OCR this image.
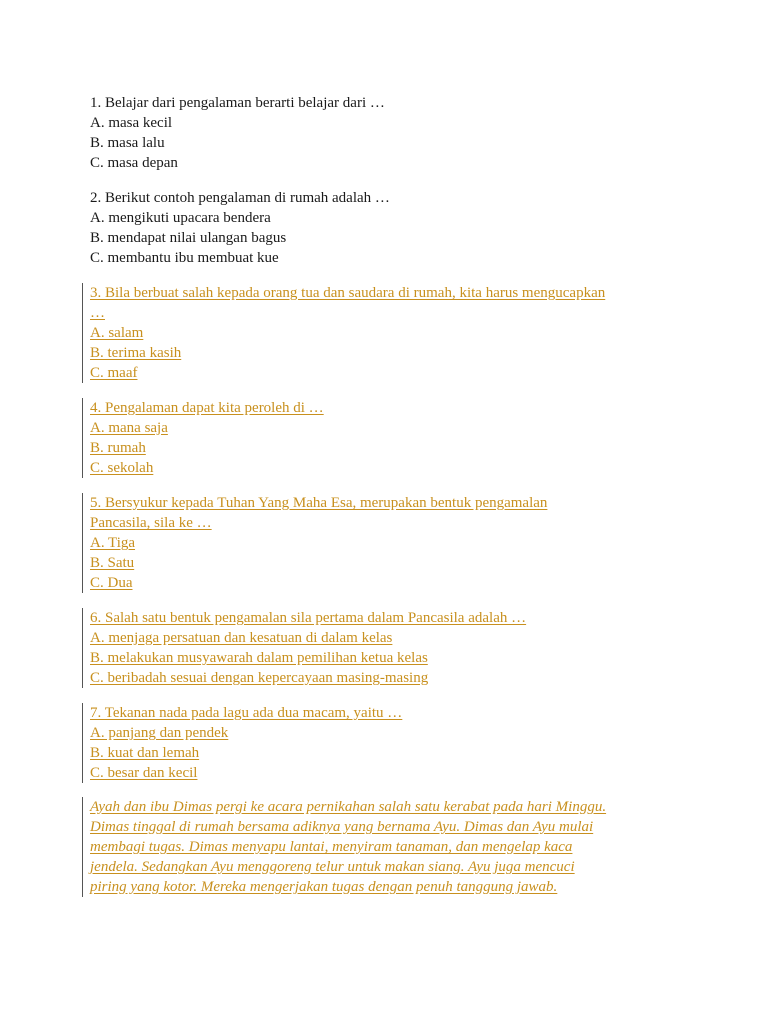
1. Belajar dari pengalaman berarti belajar dari …
A. masa kecil
B. masa lalu
C. masa depan
2. Berikut contoh pengalaman di rumah adalah …
A. mengikuti upacara bendera
B. mendapat nilai ulangan bagus
C. membantu ibu membuat kue
3. Bila berbuat salah kepada orang tua dan saudara di rumah, kita harus mengucapkan
…
A. salam
B. terima kasih
C. maaf
4. Pengalaman dapat kita peroleh di …
A. mana saja
B. rumah
C. sekolah
5. Bersyukur kepada Tuhan Yang Maha Esa, merupakan bentuk pengamalan
Pancasila, sila ke …
A. Tiga
B. Satu
C. Dua
6. Salah satu bentuk pengamalan sila pertama dalam Pancasila adalah …
A. menjaga persatuan dan kesatuan di dalam kelas
B. melakukan musyawarah dalam pemilihan ketua kelas
C. beribadah sesuai dengan kepercayaan masing-masing
7. Tekanan nada pada lagu ada dua macam, yaitu …
A. panjang dan pendek
B. kuat dan lemah
C. besar dan kecil
Ayah dan ibu Dimas pergi ke acara pernikahan salah satu kerabat pada hari Minggu.
Dimas tinggal di rumah bersama adiknya yang bernama Ayu. Dimas dan Ayu mulai
membagi tugas. Dimas menyapu lantai, menyiram tanaman, dan mengelap kaca
jendela. Sedangkan Ayu menggoreng telur untuk makan siang. Ayu juga mencuci
piring yang kotor. Mereka mengerjakan tugas dengan penuh tanggung jawab.
